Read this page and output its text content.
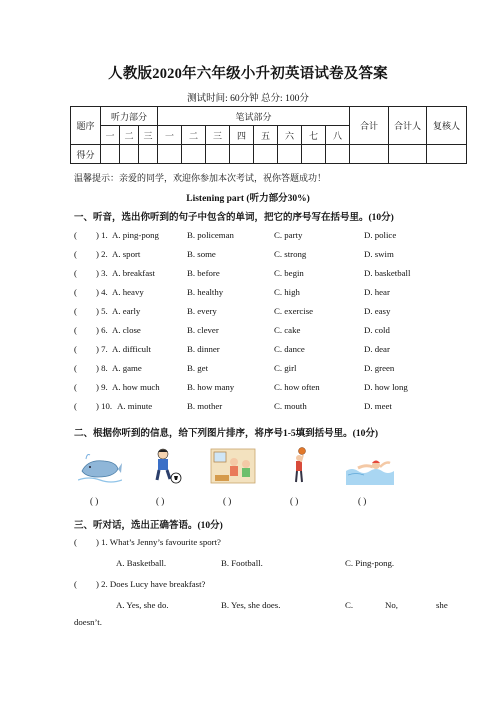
人教版2020年六年级小升初英语试卷及答案
测试时间: 60分钟 总分: 100分
题序	听力部分			笔试部分								合计	合计人	复核人
	一	二	三	一	二	三	四	五	六	七	八			
得分														
温馨提示：亲爱的同学，欢迎你参加本次考试，祝你答题成功！
Listening part (听力部分30%)
一、听音，选出你听到的句子中包含的单词，把它的序号写在括号里。(10分)
( ) 1. A. ping-pong	B. policeman	C. party	D. police
( ) 2. A. sport	B. some	C. strong	D. swim
( ) 3. A. breakfast	B. before	C. begin	D. basketball
( ) 4. A. heavy	B. healthy	C. high	D. hear
( ) 5. A. early	B. every	C. exercise	D. easy
( ) 6. A. close	B. clever	C. cake	D. cold
( ) 7. A. difficult	B. dinner	C. dance	D. dear
( ) 8. A. game	B. get	C. girl	D. green
( ) 9. A. how much	B. how many	C. how often	D. how long
( ) 10. A. minute	B. mother	C. mouth	D. meet
二、根据你听到的信息，给下列图片排序，将序号1-5填到括号里。(10分)
( )	( )	( )	( )	( )
三、听对话，选出正确答语。(10分)
( ) 1. What’s Jenny’s favourite sport?
A. Basketball.	B. Football.	C. Ping-pong.
( ) 2. Does Lucy have breakfast?
A. Yes, she do.	B. Yes, she does.	C.	No,	she
doesn’t.
